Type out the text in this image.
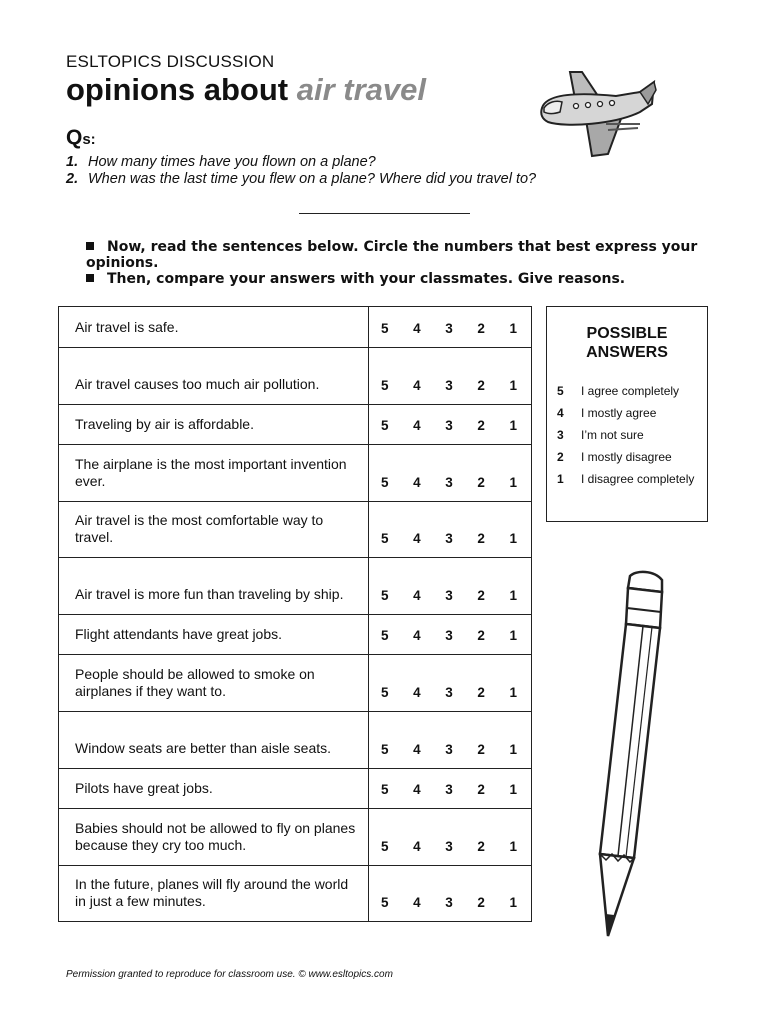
ESLTOPICS DISCUSSION
opinions about air travel
Qs:
1. How many times have you flown on a plane?
2. When was the last time you flew on a plane? Where did you travel to?
Now, read the sentences below. Circle the numbers that best express your opinions.
Then, compare your answers with your classmates. Give reasons.
Air travel is safe.	5 4 3 2 1

Air travel causes too much air pollution.	5 4 3 2 1

Traveling by air is affordable.	5 4 3 2 1

The airplane is the most important invention ever.	5 4 3 2 1

Air travel is the most comfortable way to travel.	5 4 3 2 1

Air travel is more fun than traveling by ship.	5 4 3 2 1

Flight attendants have great jobs.	5 4 3 2 1

People should be allowed to smoke on airplanes if they want to.	5 4 3 2 1

Window seats are better than aisle seats.	5 4 3 2 1

Pilots have great jobs.	5 4 3 2 1

Babies should not be allowed to fly on planes because they cry too much.	5 4 3 2 1

In the future, planes will fly around the world in just a few minutes.	5 4 3 2 1
POSSIBLE
ANSWERS
5	I agree completely
4	I mostly agree
3	I’m not sure
2	I mostly disagree
1	I disagree completely
Permission granted to reproduce for classroom use. © www.esltopics.com
